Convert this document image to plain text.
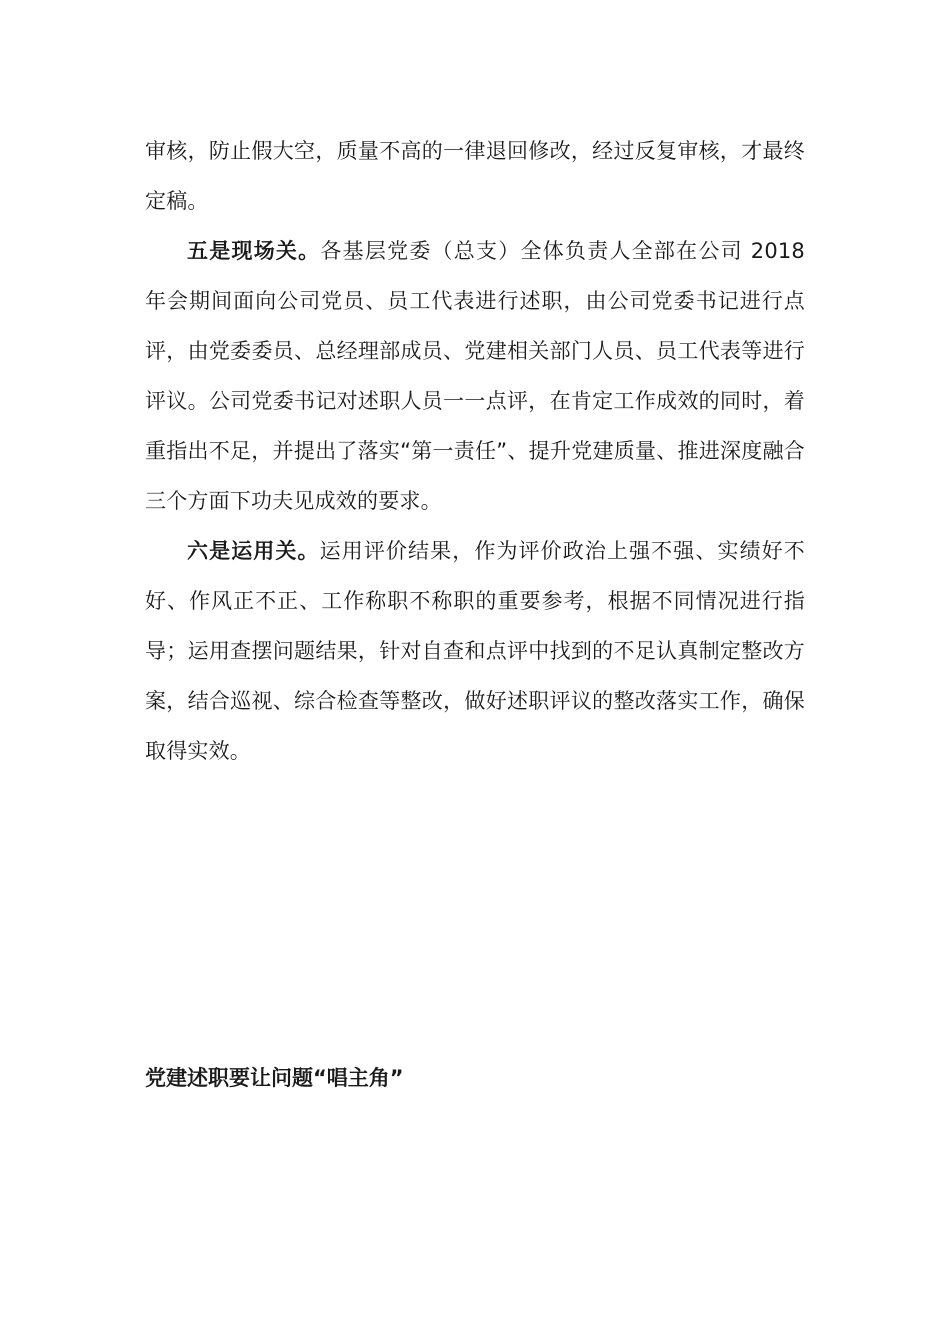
审核，防止假大空，质量不高的一律退回修改，经过反复审核，才最终定稿。

五是现场关。各基层党委（总支）全体负责人全部在公司 2018 年会期间面向公司党员、员工代表进行述职，由公司党委书记进行点评，由党委委员、总经理部成员、党建相关部门人员、员工代表等进行评议。公司党委书记对述职人员一一点评，在肯定工作成效的同时，着重指出不足，并提出了落实“第一责任”、提升党建质量、推进深度融合三个方面下功夫见成效的要求。

六是运用关。运用评价结果，作为评价政治上强不强、实绩好不好、作风正不正、工作称职不称职的重要参考，根据不同情况进行指导；运用查摆问题结果，针对自查和点评中找到的不足认真制定整改方案，结合巡视、综合检查等整改，做好述职评议的整改落实工作，确保取得实效。

党建述职要让问题“唱主角”
